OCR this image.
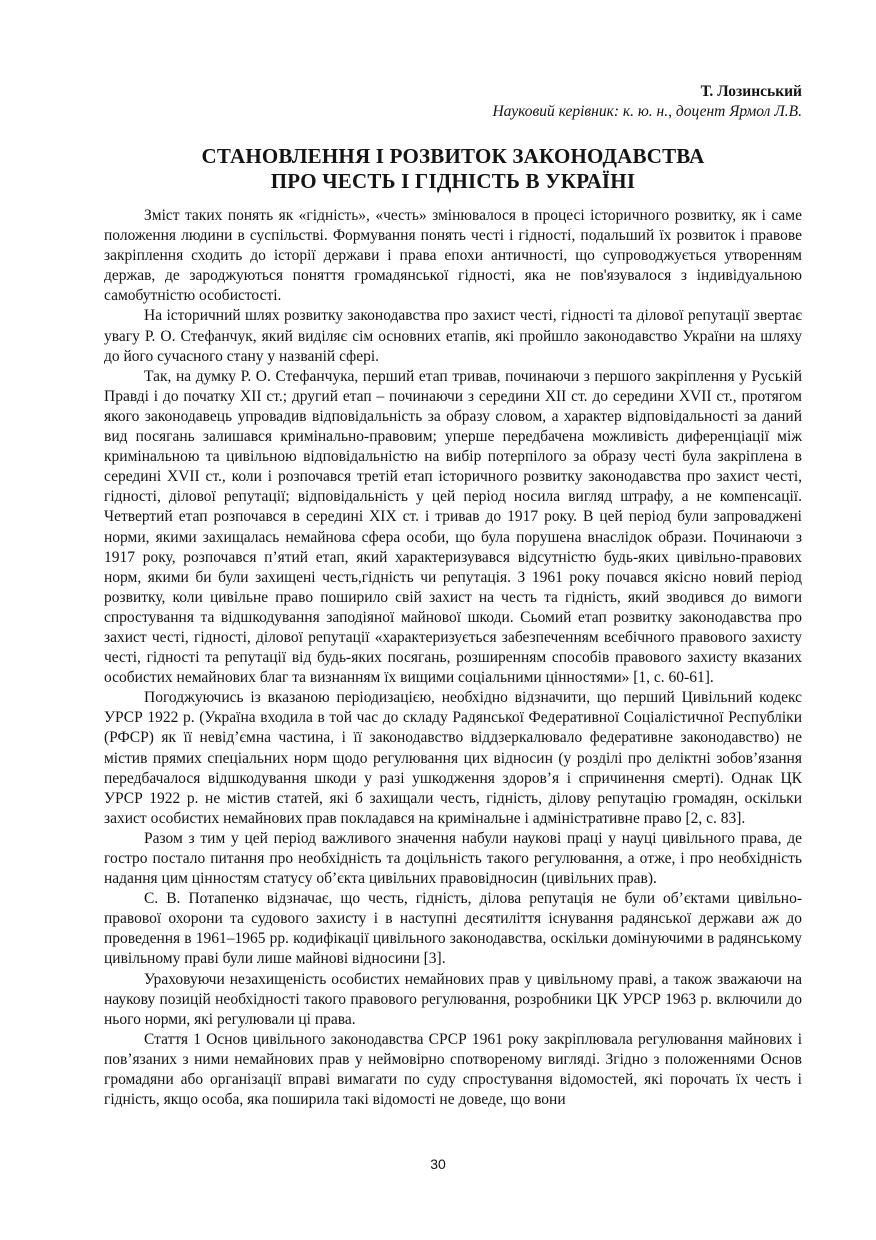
Т. Лозинський
Науковий керівник: к. ю. н., доцент Ярмол Л.В.
СТАНОВЛЕННЯ І РОЗВИТОК ЗАКОНОДАВСТВА
ПРО ЧЕСТЬ І ГІДНІСТЬ В УКРАЇНІ

Зміст таких понять як «гідність», «честь» змінювалося в процесі історичного розвитку, як і саме положення людини в суспільстві. Формування понять честі і гідності, подальший їх розвиток і правове закріплення сходить до історії держави і права епохи античності, що супроводжується утворенням держав, де зароджуються поняття громадянської гідності, яка не пов'язувалося з індивідуальною самобутністю особистості.

На історичний шлях розвитку законодавства про захист честі, гідності та ділової репутації звертає увагу Р. О. Стефанчук, який виділяє сім основних етапів, які пройшло законодавство України на шляху до його сучасного стану у названій сфері.

Так, на думку Р. О. Стефанчука, перший етап тривав, починаючи з першого закріплення у Руській Правді і до початку XII ст.; другий етап – починаючи з середини XII ст. до середини XVII ст., протягом якого законодавець упровадив відповідальність за образу словом, а характер відповідальності за даний вид посягань залишався кримінально-правовим; уперше передбачена можливість диференціації між кримінальною та цивільною відповідальністю на вибір потерпілого за образу честі була закріплена в середині XVII ст., коли і розпочався третій етап історичного розвитку законодавства про захист честі, гідності, ділової репутації; відповідальність у цей період носила вигляд штрафу, а не компенсації. Четвертий етап розпочався в середині XIX ст. і тривав до 1917 року. В цей період були запроваджені норми, якими захищалась немайнова сфера особи, що була порушена внаслідок образи. Починаючи з 1917 року, розпочався п’ятий етап, який характеризувався відсутністю будь-яких цивільно-правових норм, якими би були захищені честь,гідність чи репутація. З 1961 року почався якісно новий період розвитку, коли цивільне право поширило свій захист на честь та гідність, який зводився до вимоги спростування та відшкодування заподіяної майнової шкоди. Сьомий етап розвитку законодавства про захист честі, гідності, ділової репутації «характеризується забезпеченням всебічного правового захисту честі, гідності та репутації від будь-яких посягань, розширенням способів правового захисту вказаних особистих немайнових благ та визнанням їх вищими соціальними цінностями» [1, с. 60-61].

Погоджуючись із вказаною періодизацією, необхідно відзначити, що перший Цивільний кодекс УРСР 1922 р. (Україна входила в той час до складу Радянської Федеративної Соціалістичної Республіки (РФСР) як її невід’ємна частина, і її законодавство віддзеркалювало федеративне законодавство) не містив прямих спеціальних норм щодо регулювання цих відносин (у розділі про деліктні зобов’язання передбачалося відшкодування шкоди у разі ушкодження здоров’я і спричинення смерті). Однак ЦК УРСР 1922 р. не містив статей, які б захищали честь, гідність, ділову репутацію громадян, оскільки захист особистих немайнових прав покладався на кримінальне і адміністративне право [2, с. 83].

Разом з тим у цей період важливого значення набули наукові праці у науці цивільного права, де гостро постало питання про необхідність та доцільність такого регулювання, а отже, і про необхідність надання цим цінностям статусу об’єкта цивільних правовідносин (цивільних прав).

С. В. Потапенко відзначає, що честь, гідність, ділова репутація не були об’єктами цивільно-правової охорони та судового захисту і в наступні десятиліття існування радянської держави аж до проведення в 1961–1965 рр. кодифікації цивільного законодавства, оскільки домінуючими в радянському цивільному праві були лише майнові відносини [3].

Ураховуючи незахищеність особистих немайнових прав у цивільному праві, а також зважаючи на наукову позицій необхідності такого правового регулювання, розробники ЦК УРСР 1963 р. включили до нього норми, які регулювали ці права.

Стаття 1 Основ цивільного законодавства СРСР 1961 року закріплювала регулювання майнових і пов’язаних з ними немайнових прав у неймовірно спотвореному вигляді. Згідно з положеннями Основ громадяни або організації вправі вимагати по суду спростування відомостей, які порочать їх честь і гідність, якщо особа, яка поширила такі відомості не доведе, що вони

30
